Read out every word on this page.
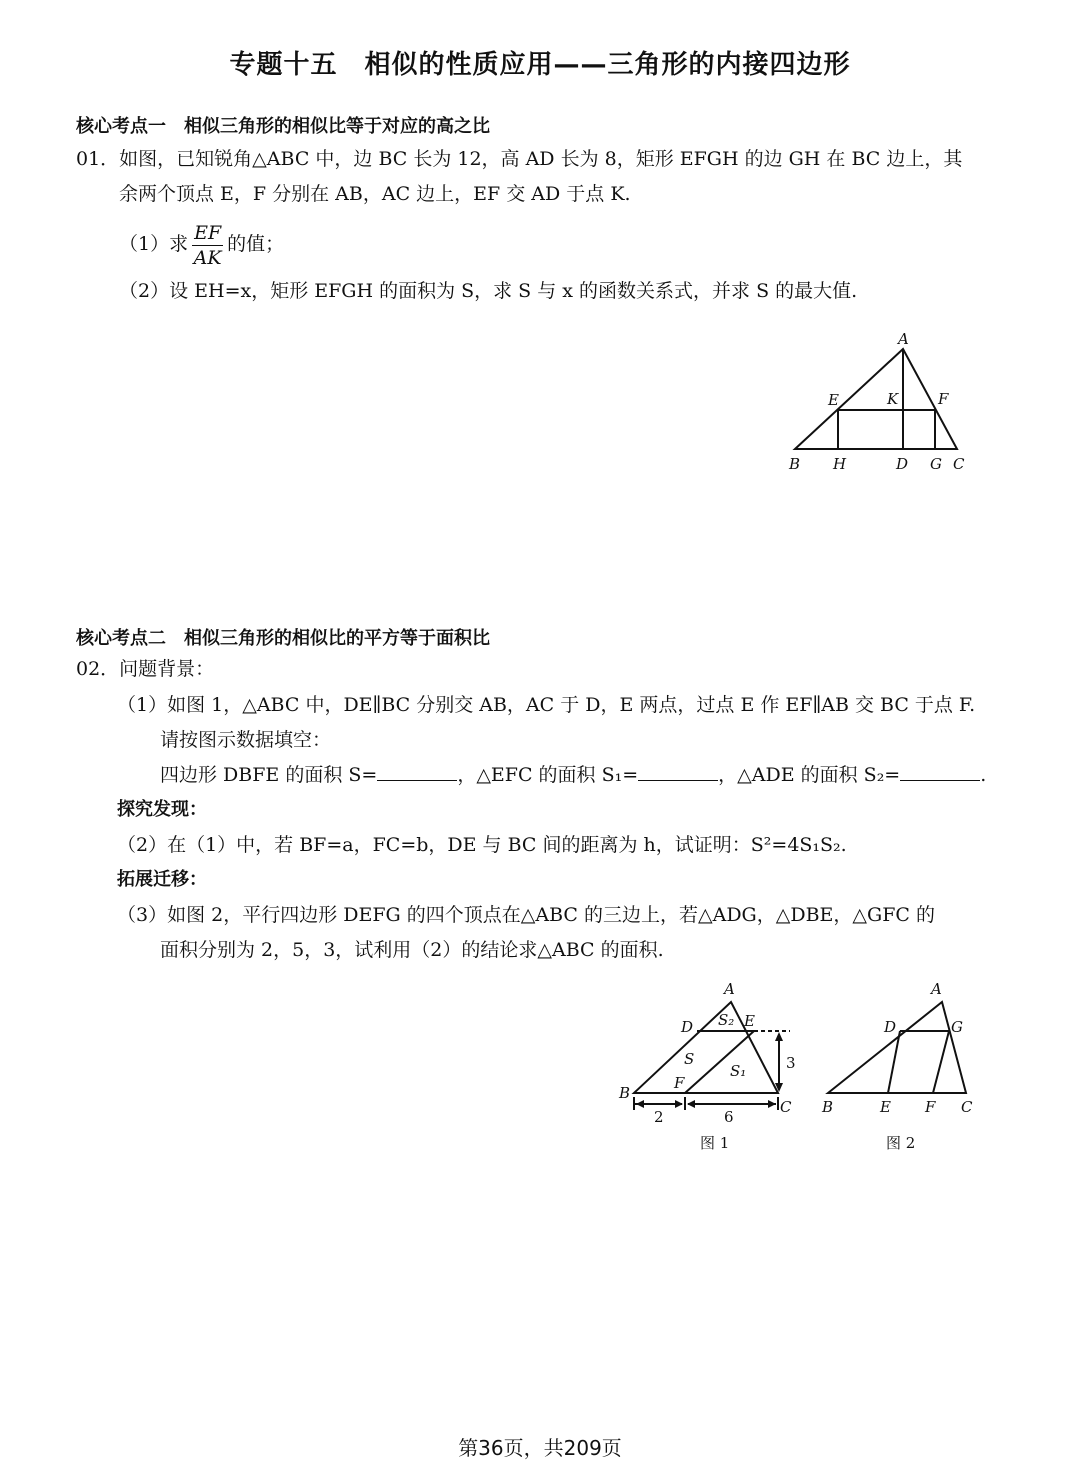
专题十五　相似的性质应用——三角形的内接四边形
核心考点一　相似三角形的相似比等于对应的高之比
01．如图，已知锐角△ABC 中，边 BC 长为 12，高 AD 长为 8，矩形 EFGH 的边 GH 在 BC 边上，其
余两个顶点 E，F 分别在 AB，AC 边上，EF 交 AD 于点 K.
（1）求 $\frac{EF}{AK}$ 的值；
（2）设 EH=x，矩形 EFGH 的面积为 S，求 S 与 x 的函数关系式，并求 S 的最大值.
A
E	K	F
B H	D G C
核心考点二　相似三角形的相似比的平方等于面积比
02．问题背景：
（1）如图 1，△ABC 中，DE∥BC 分别交 AB，AC 于 D，E 两点，过点 E 作 EF∥AB 交 BC 于点 F.
请按图示数据填空：
四边形 DBFE 的面积 S=	，△EFC 的面积 S₁=	，△ADE 的面积 S₂=	.
探究发现：
（2）在（1）中，若 BF=a，FC=b，DE 与 BC 间的距离为 h，试证明：S²=4S₁S₂.
拓展迁移：
（3）如图 2，平行四边形 DEFG 的四个顶点在△ABC 的三边上，若△ADG，△DBE，△GFC 的
面积分别为 2，5，3，试利用（2）的结论求△ABC 的面积.
A
D	E
B
F
C
S₂
S
S₁	3
2	6
图 1
A
D	G
B	E F C
图 2
第36页，共209页
